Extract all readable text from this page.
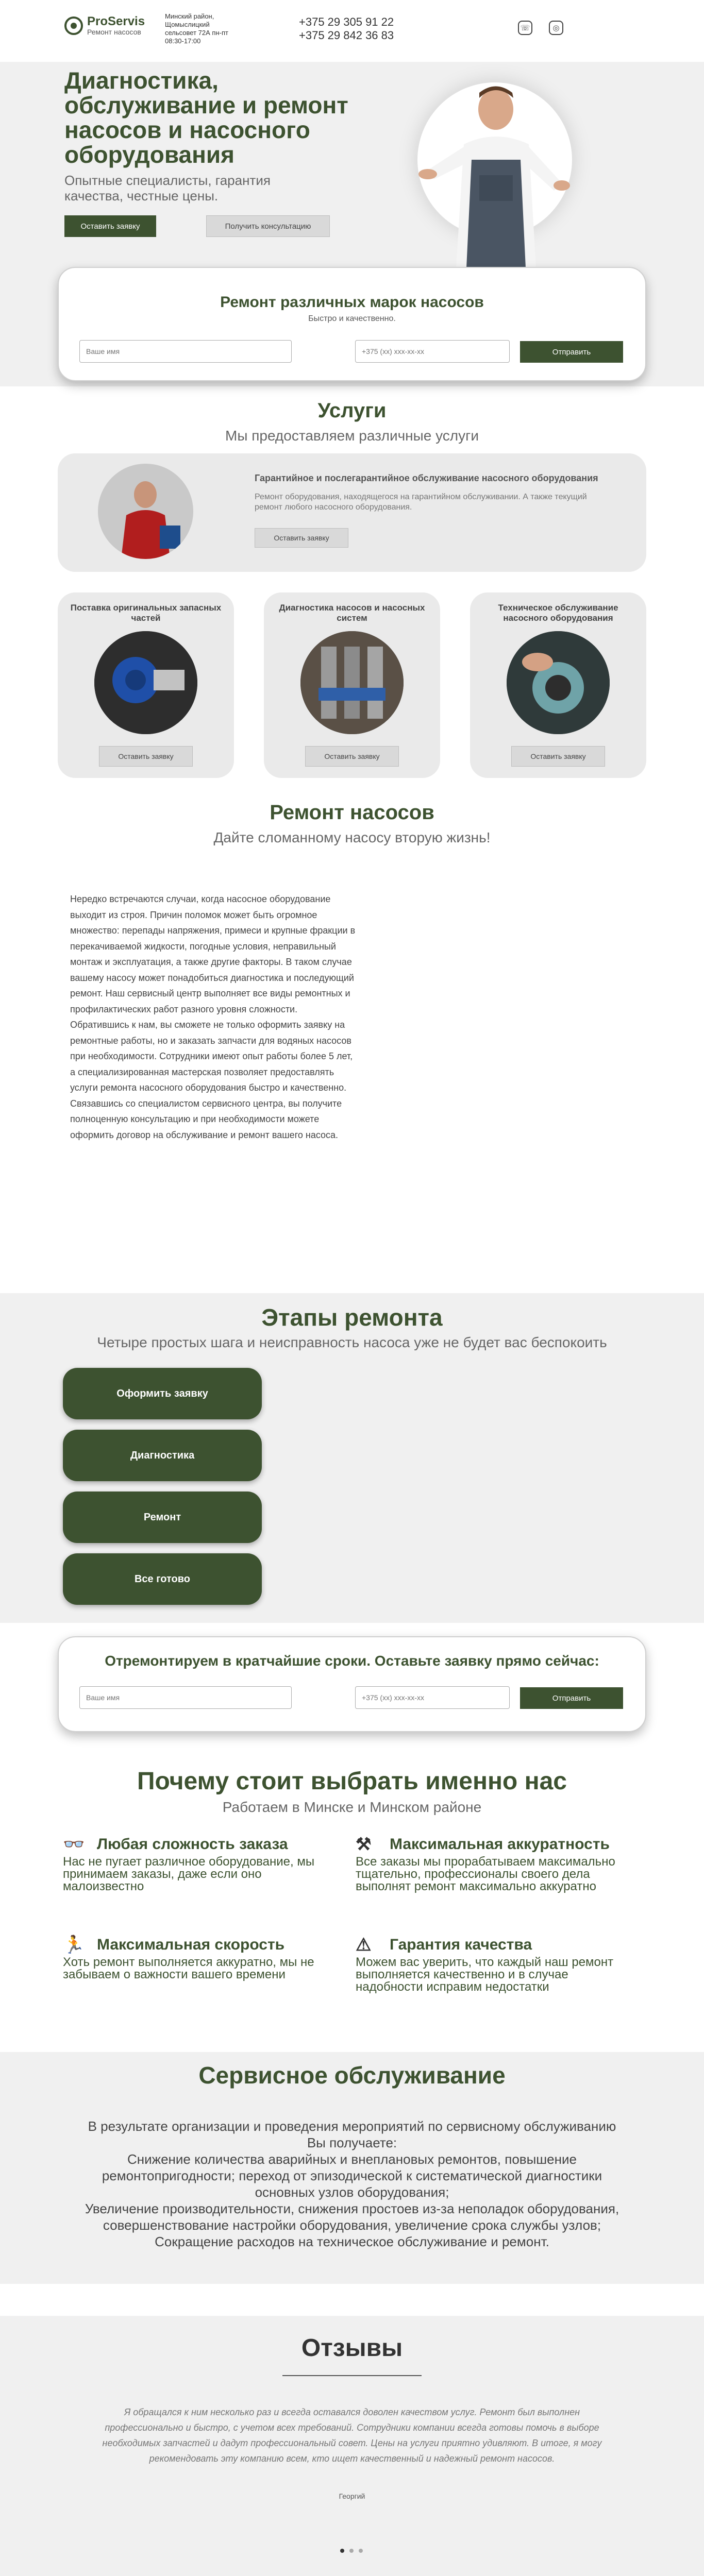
ProServis
Ремонт насосов
Минский район, Щомыслицкий сельсовет 72А пн-пт 08:30-17:00
+375 29 305 91 22
+375 29 842 36 83
☏	◎
Диагностика, обслуживание и ремонт насосов и насосного оборудования
Опытные специалисты, гарантия качества, честные цены.
Оставить заявку	Получить консультацию
Ремонт различных марок насосов
Быстро и качественно.
Ваше имя
+375 (xx) xxx-xx-xx
Отправить
Услуги
Мы предоставляем различные услуги
Гарантийное и послегарантийное обслуживание насосного оборудования

Ремонт оборудования, находящегося на гарантийном обслуживании. А также текущий ремонт любого насосного оборудования.

Оставить заявку
Поставка оригинальных запасных частей
Оставить заявку
Диагностика насосов и насосных систем
Оставить заявку
Техническое обслуживание насосного оборудования
Оставить заявку
Ремонт насосов
Дайте сломанному насосу вторую жизнь!
Нередко встречаются случаи, когда насосное оборудование выходит из строя. Причин поломок может быть огромное множество: перепады напряжения, примеси и крупные фракции в перекачиваемой жидкости, погодные условия, неправильный монтаж и эксплуатация, а также другие факторы. В таком случае вашему насосу может понадобиться диагностика и последующий ремонт. Наш сервисный центр выполняет все виды ремонтных и профилактических работ разного уровня сложности. Обратившись к нам, вы сможете не только оформить заявку на ремонтные работы, но и заказать запчасти для водяных насосов при необходимости. Сотрудники имеют опыт работы более 5 лет, а специализированная мастерская позволяет предоставлять услуги ремонта насосного оборудования быстро и качественно. Связавшись со специалистом сервисного центра, вы получите полноценную консультацию и при необходимости можете оформить договор на обслуживание и ремонт вашего насоса.
Этапы ремонта
Четыре простых шага и неисправность насоса уже не будет вас беспокоить
Оформить заявку
Диагностика
Ремонт
Все готово
Отремонтируем в кратчайшие сроки. Оставьте заявку прямо сейчас:
Ваше имя
+375 (xx) xxx-xx-xx
Отправить
Почему стоит выбрать именно нас
Работаем в Минске и Минском районе
👓 Любая сложность заказа
Нас не пугает различное оборудование, мы принимаем заказы, даже если оно малоизвестно
⚒	Максимальная аккуратность
Все заказы мы прорабатываем максимально тщательно, профессионалы своего дела выполнят ремонт максимально аккуратно
🏃 Максимальная скорость
Хоть ремонт выполняется аккуратно, мы не забываем о важности вашего времени
⚠	Гарантия качества
Можем вас уверить, что каждый наш ремонт выполняется качественно и в случае надобности исправим недостатки
Сервисное обслуживание
В результате организации и проведения мероприятий по сервисному обслуживанию
Вы получаете:
Снижение количества аварийных и внеплановых ремонтов, повышение
ремонтопригодности; переход от эпизодической к систематической диагностики
основных узлов оборудования;
Увеличение производительности, снижения простоев из-за неполадок оборудования,
совершенствование настройки оборудования, увеличение срока службы узлов;
Сокращение расходов на техническое обслуживание и ремонт.
Отзывы
Я обращался к ним несколько раз и всегда оставался доволен качеством услуг. Ремонт был выполнен профессионально и быстро, с учетом всех требований. Сотрудники компании всегда готовы помочь в выборе необходимых запчастей и дадут профессиональный совет. Цены на услуги приятно удивляют. В итоге, я могу рекомендовать эту компанию всем, кто ищет качественный и надежный ремонт насосов.
Георгий
